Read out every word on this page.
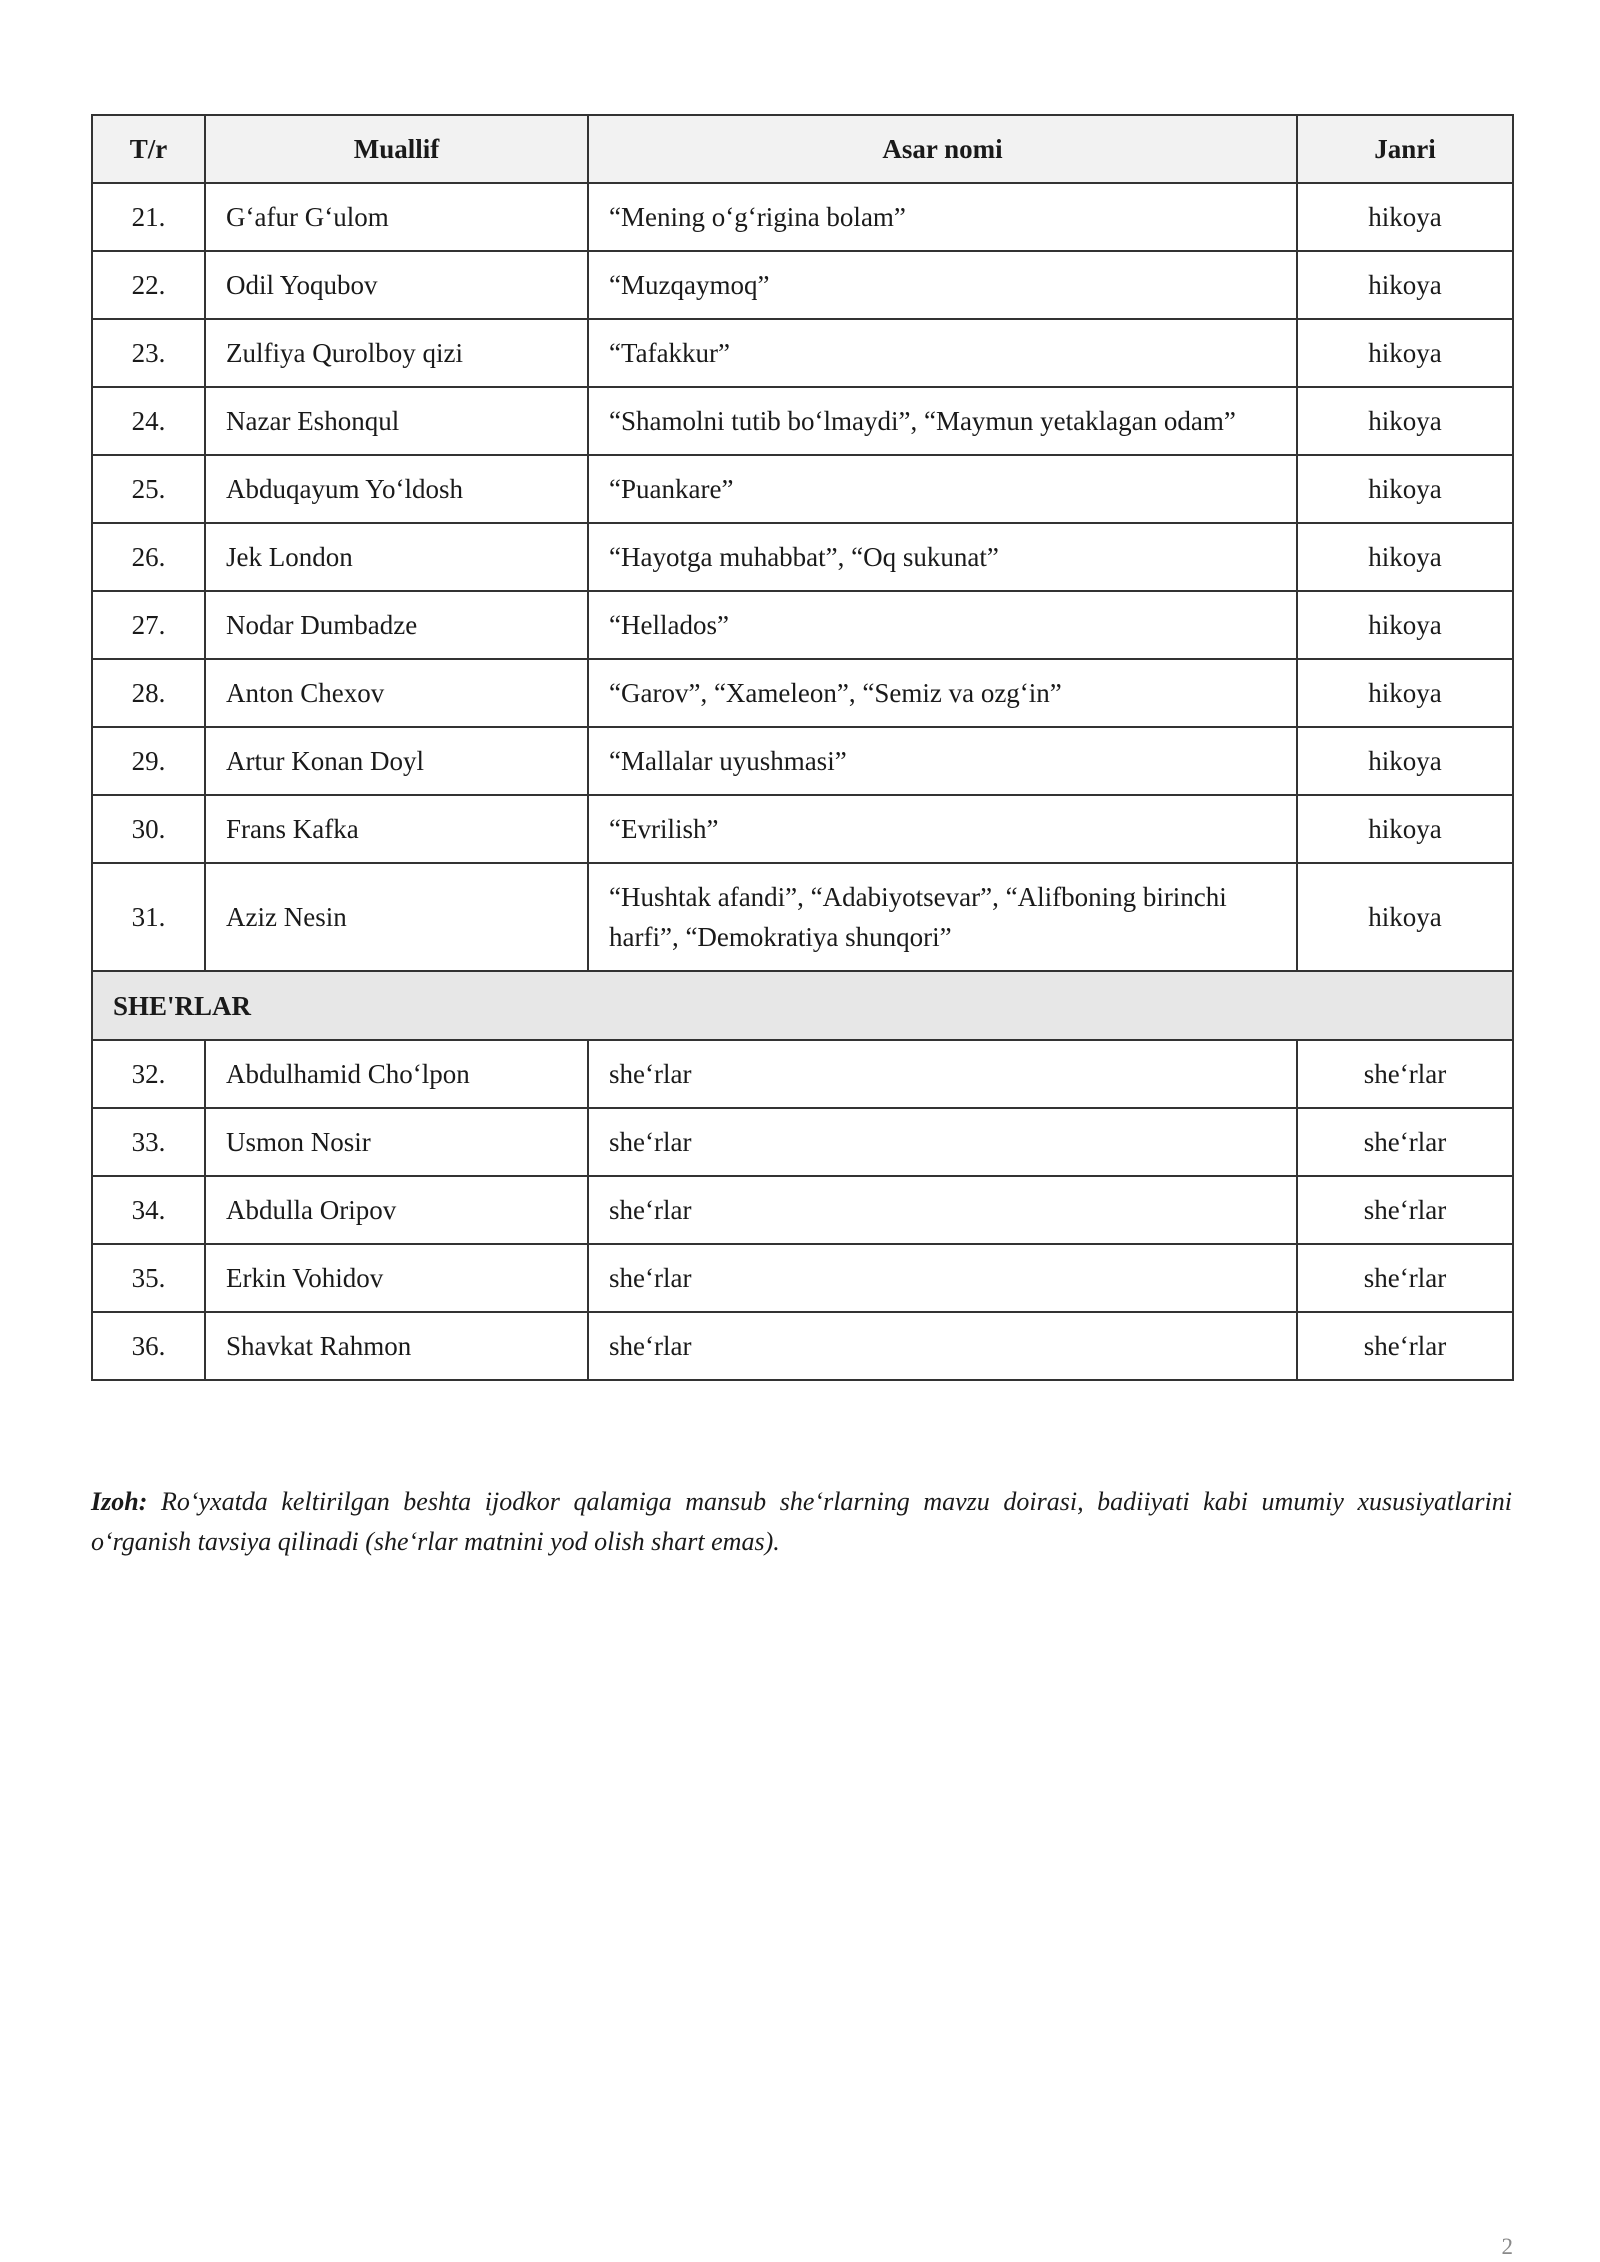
T/r	Muallif	Asar nomi	Janri
21.	G‘afur G‘ulom	“Mening o‘g‘rigina bolam”	hikoya
22.	Odil Yoqubov	“Muzqaymoq”	hikoya
23.	Zulfiya Qurolboy qizi	“Tafakkur”	hikoya
24.	Nazar Eshonqul	“Shamolni tutib bo‘lmaydi”, “Maymun yetaklagan odam”	hikoya
25.	Abduqayum Yo‘ldosh	“Puankare”	hikoya
26.	Jek London	“Hayotga muhabbat”, “Oq sukunat”	hikoya
27.	Nodar Dumbadze	“Hellados”	hikoya
28.	Anton Chexov	“Garov”, “Xameleon”, “Semiz va ozg‘in”	hikoya
29.	Artur Konan Doyl	“Mallalar uyushmasi”	hikoya
30.	Frans Kafka	“Evrilish”	hikoya
31.	Aziz Nesin	“Hushtak afandi”, “Adabiyotsevar”, “Alifboning birinchi harfi”, “Demokratiya shunqori”	hikoya
SHE'RLAR			
32.	Abdulhamid Cho‘lpon	she‘rlar	she‘rlar
33.	Usmon Nosir	she‘rlar	she‘rlar
34.	Abdulla Oripov	she‘rlar	she‘rlar
35.	Erkin Vohidov	she‘rlar	she‘rlar
36.	Shavkat Rahmon	she‘rlar	she‘rlar

Izoh: Ro‘yxatda keltirilgan beshta ijodkor qalamiga mansub she‘rlarning mavzu doirasi, badiiyati kabi umumiy xususiyatlarini o‘rganish tavsiya qilinadi (she‘rlar matnini yod olish shart emas).

2
